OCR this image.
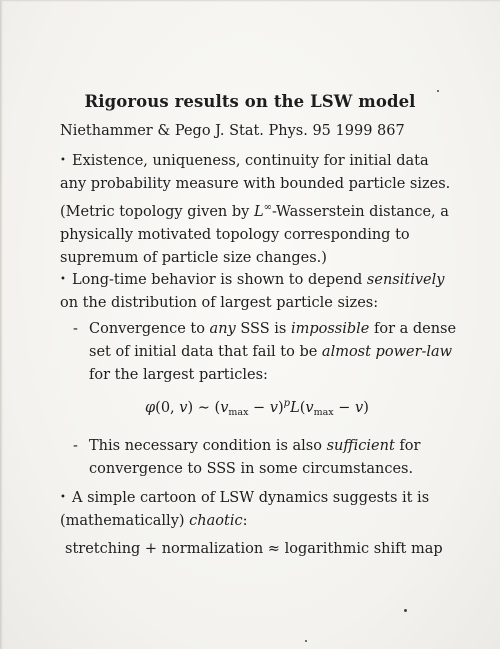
Rigorous results on the LSW model
Niethammer & Pego J. Stat. Phys. 95 1999 867
• Existence, uniqueness, continuity for initial data
any probability measure with bounded particle sizes.
(Metric topology given by L∞-Wasserstein distance, a
physically motivated topology corresponding to
supremum of particle size changes.)
• Long-time behavior is shown to depend sensitively
on the distribution of largest particle sizes:
- Convergence to any SSS is impossible for a dense
set of initial data that fail to be almost power-law
for the largest particles:
φ(0, v) ∼ $(v_{max} - v)^pL(v_{max} - v)$
- This necessary condition is also sufficient for
convergence to SSS in some circumstances.
• A simple cartoon of LSW dynamics suggests it is
(mathematically) chaotic:
stretching + normalization ≈ logarithmic shift map
